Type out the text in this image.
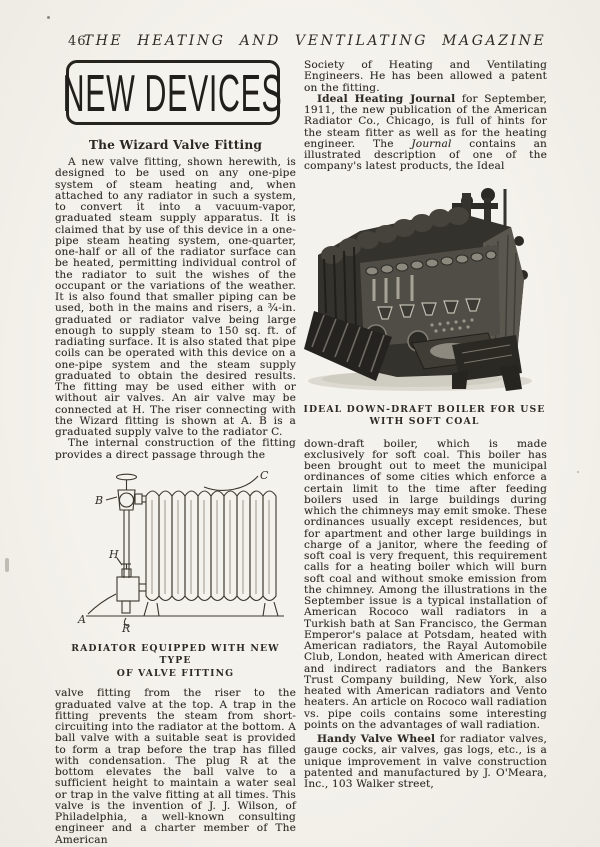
46
THE HEATING AND VENTILATING MAGAZINE
NEW DEVICES
The Wizard Valve Fitting

A new valve fitting, shown herewith, is designed to be used on any one-pipe system of steam heating and, when attached to any radiator in such a system, to convert it into a vacuum-vapor, graduated steam supply apparatus. It is claimed that by use of this device in a one-pipe steam heating system, one-quarter, one-half or all of the radiator surface can be heated, permitting individual control of the radiator to suit the wishes of the occupant or the variations of the weather. It is also found that smaller piping can be used, both in the mains and risers, a ¾-in. graduated or radiator valve being large enough to supply steam to 150 sq. ft. of radiating surface. It is also stated that pipe coils can be operated with this device on a one-pipe system and the steam supply graduated to obtain the desired results. The fitting may be used either with or without air valves. An air valve may be connected at H. The riser connecting with the Wizard fitting is shown at A. B is a graduated supply valve to the radiator C.

The internal construction of the fitting provides a direct passage through the

B
C
H
R
A
RADIATOR EQUIPPED WITH NEW TYPE
OF VALVE FITTING

valve fitting from the riser to the graduated valve at the top. A trap in the fitting prevents the steam from short-circuiting into the radiator at the bottom. A ball valve with a suitable seat is provided to form a trap before the trap has filled with condensation. The plug R at the bottom elevates the ball valve to a sufficient height to maintain a water seal or trap in the valve fitting at all times. This valve is the invention of J. J. Wilson, of Philadelphia, a well-known consulting engineer and a charter member of The American

Society of Heating and Ventilating Engineers. He has been allowed a patent on the fitting.

Ideal Heating Journal for September, 1911, the new publication of the American Radiator Co., Chicago, is full of hints for the steam fitter as well as for the heating engineer. The Journal contains an illustrated description of one of the company's latest products, the Ideal

IDEAL DOWN-DRAFT BOILER FOR USE
WITH SOFT COAL

down-draft boiler, which is made exclusively for soft coal. This boiler has been brought out to meet the municipal ordinances of some cities which enforce a certain limit to the time after feeding boilers used in large buildings during which the chimneys may emit smoke. These ordinances usually except residences, but for apartment and other large buildings in charge of a janitor, where the feeding of soft coal is very frequent, this requirement calls for a heating boiler which will burn soft coal and without smoke emission from the chimney. Among the illustrations in the September issue is a typical installation of American Rococo wall radiators in a Turkish bath at San Francisco, the German Emperor's palace at Potsdam, heated with American radiators, the Rayal Automobile Club, London, heated with American direct and indirect radiators and the Bankers Trust Company building, New York, also heated with American radiators and Vento heaters. An article on Rococo wall radiation vs. pipe coils contains some interesting points on the advantages of wall radiation.

Handy Valve Wheel for radiator valves, gauge cocks, air valves, gas logs, etc., is a unique improvement in valve construction patented and manufactured by J. O'Meara, Inc., 103 Walker street,
